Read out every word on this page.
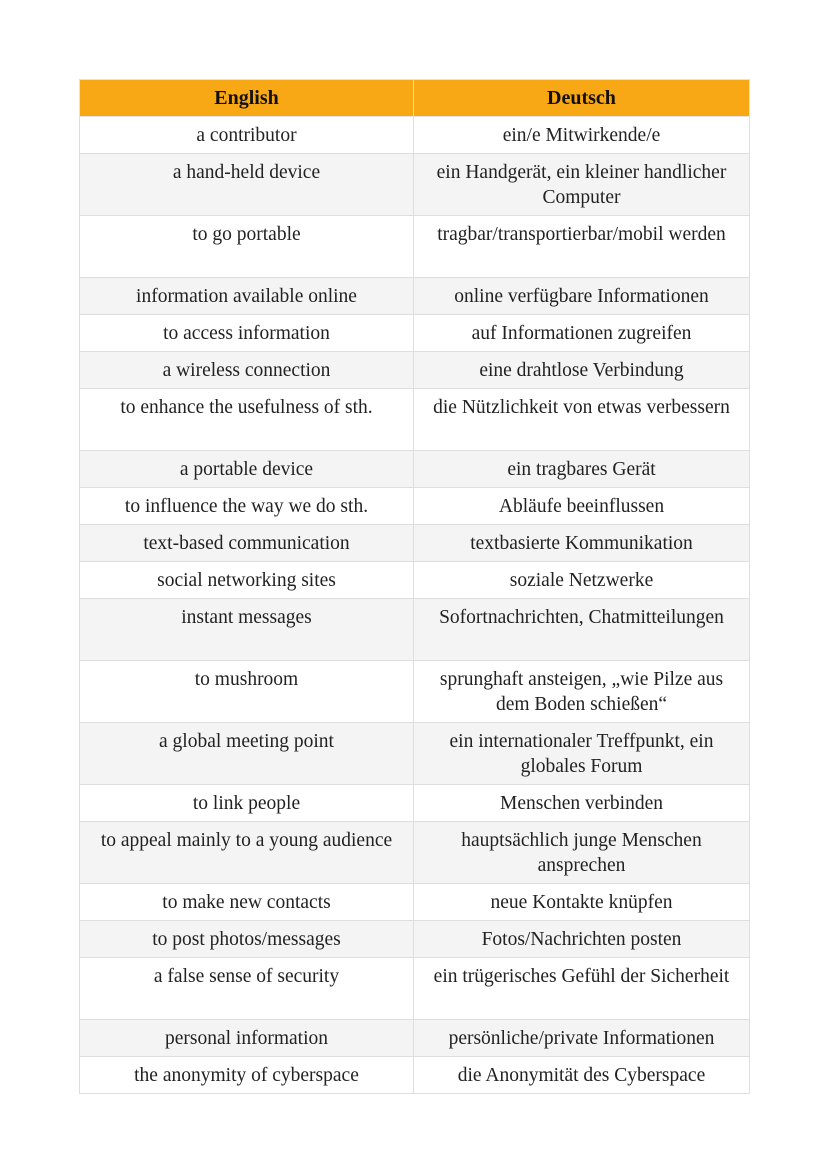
English	Deutsch
a contributor	ein/e Mitwirkende/e
a hand-held device	ein Handgerät, ein kleiner handlicher Computer
to go portable	tragbar/transportierbar/mobil werden
information available online	online verfügbare Informationen
to access information	auf Informationen zugreifen
a wireless connection	eine drahtlose Verbindung
to enhance the usefulness of sth.	die Nützlichkeit von etwas verbessern
a portable device	ein tragbares Gerät
to influence the way we do sth.	Abläufe beeinflussen
text-based communication	textbasierte Kommunikation
social networking sites	soziale Netzwerke
instant messages	Sofortnachrichten, Chatmitteilungen
to mushroom	sprunghaft ansteigen, „wie Pilze aus dem Boden schießen“
a global meeting point	ein internationaler Treffpunkt, ein globales Forum
to link people	Menschen verbinden
to appeal mainly to a young audience	hauptsächlich junge Menschen ansprechen
to make new contacts	neue Kontakte knüpfen
to post photos/messages	Fotos/Nachrichten posten
a false sense of security	ein trügerisches Gefühl der Sicherheit
personal information	persönliche/private Informationen
the anonymity of cyberspace	die Anonymität des Cyberspace
